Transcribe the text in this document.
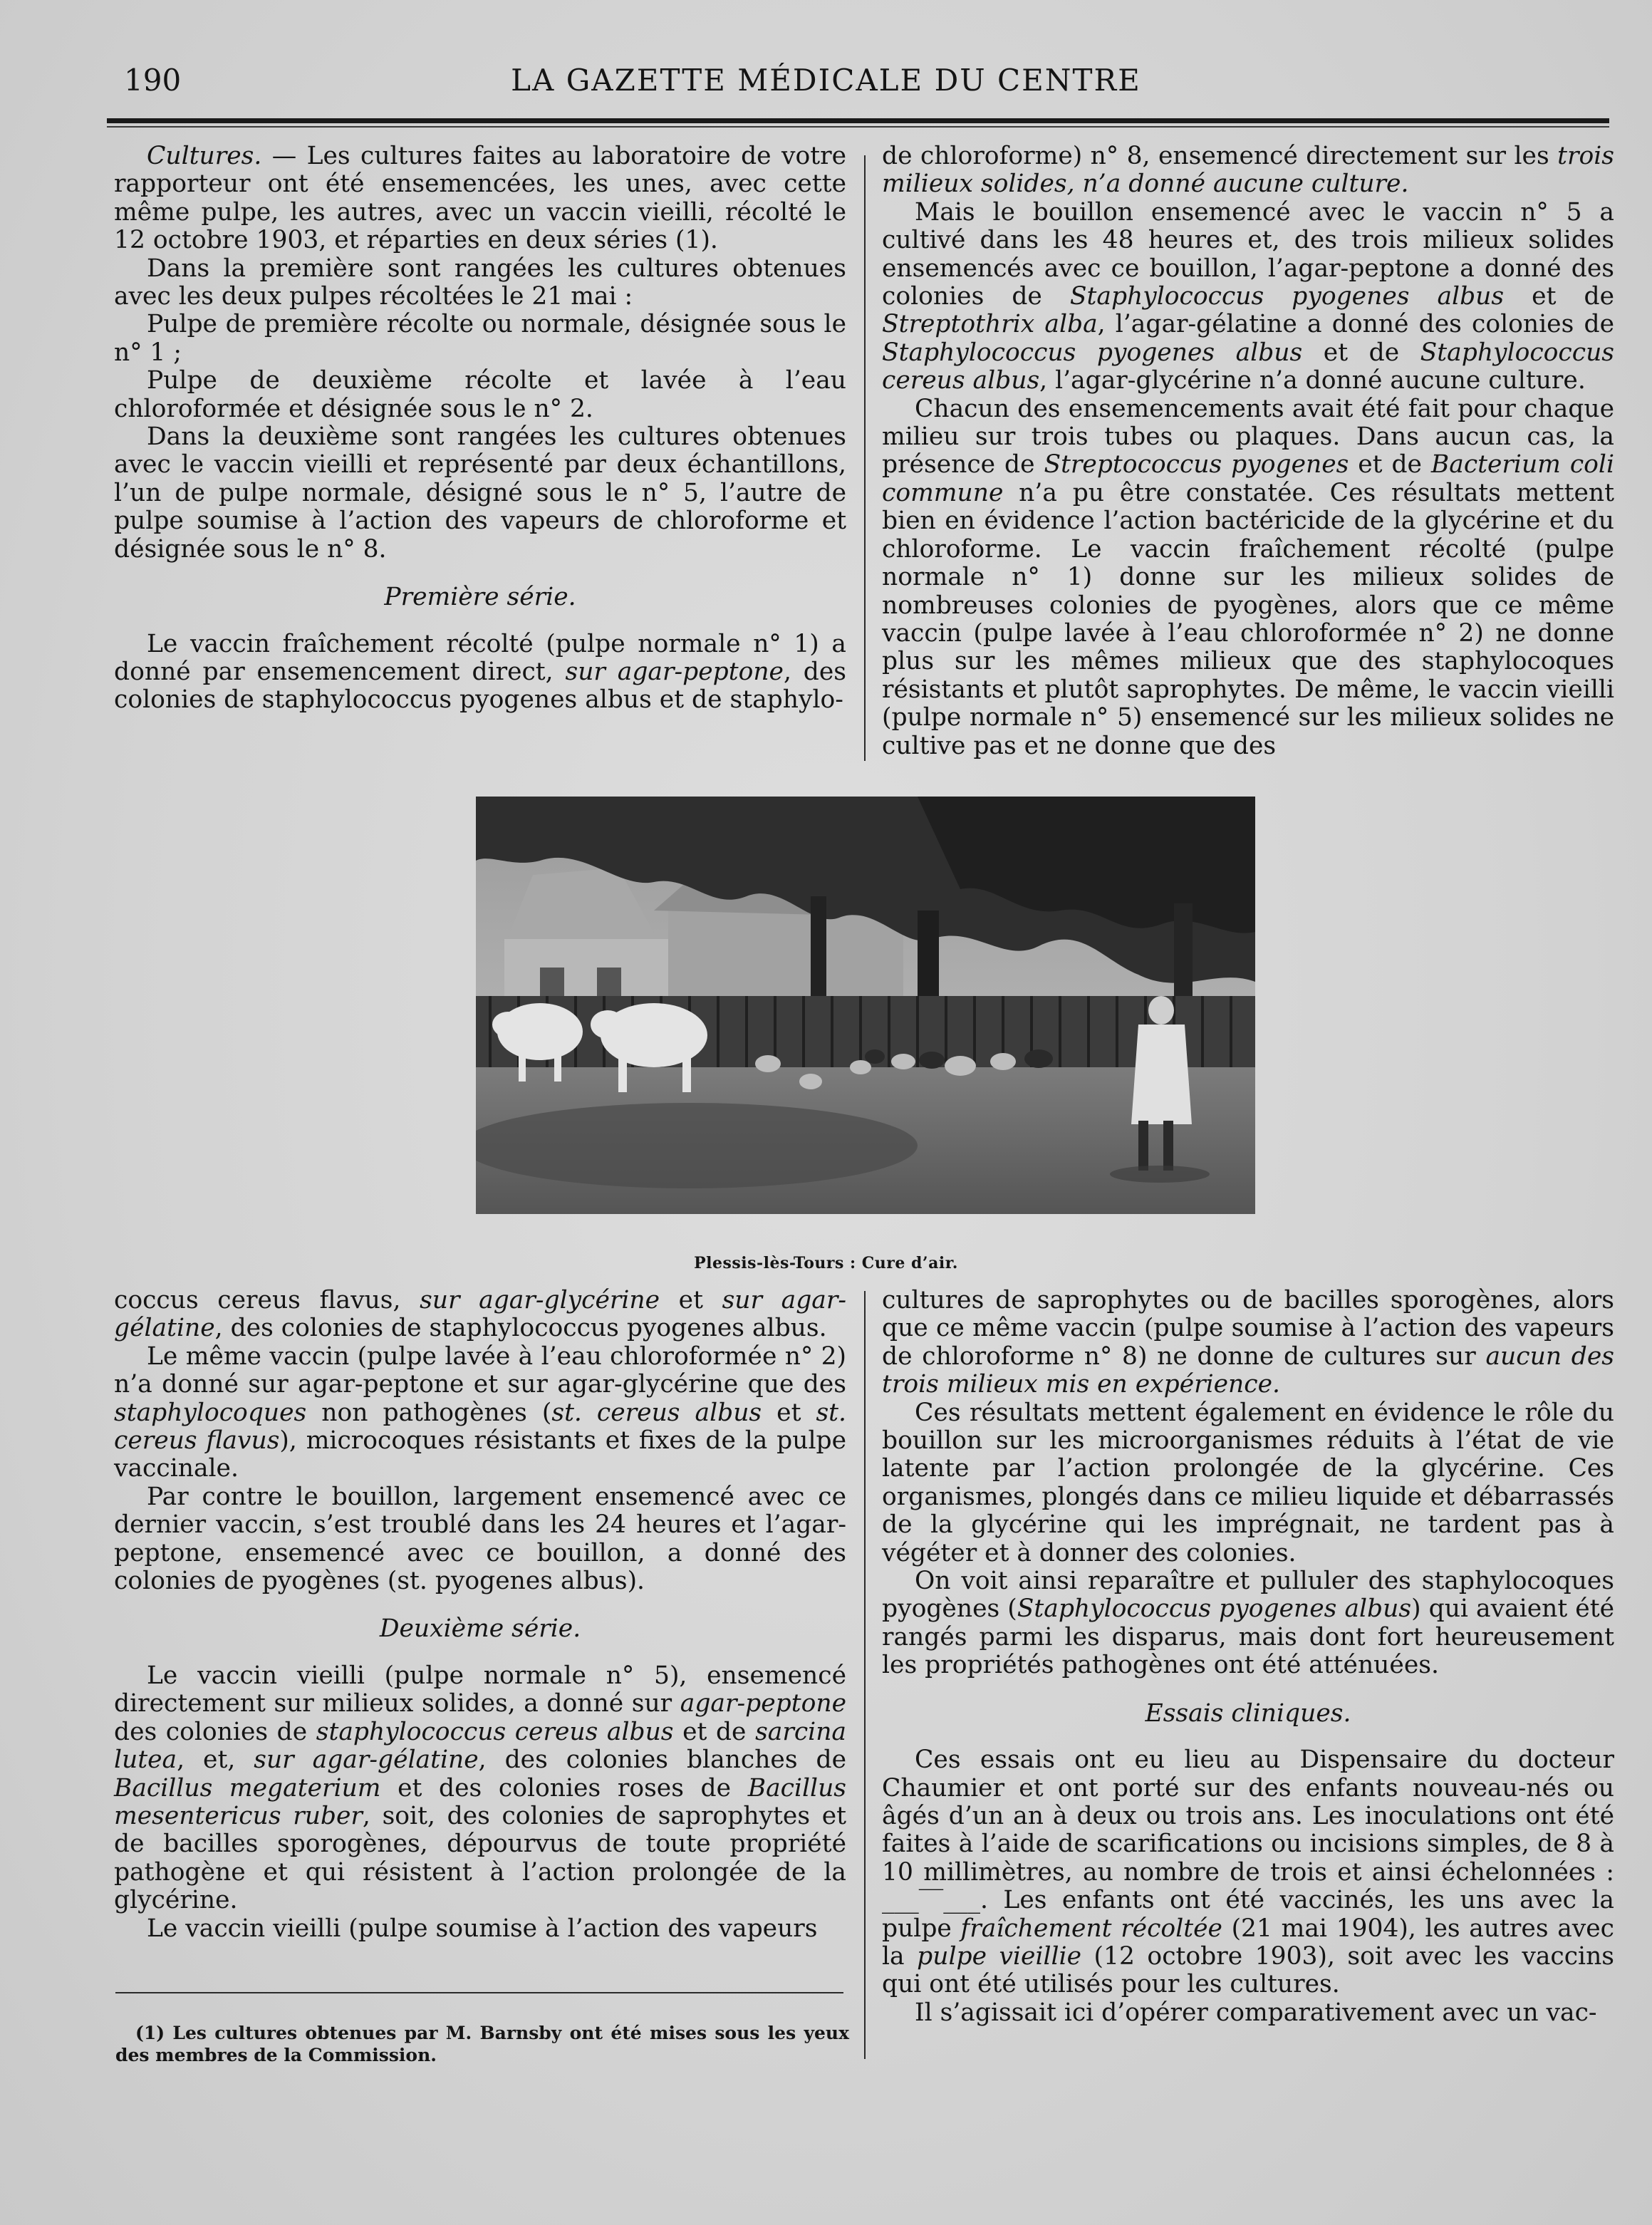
190	LA GAZETTE MÉDICALE DU CENTRE

Cultures. — Les cultures faites au laboratoire de votre rapporteur ont été ensemencées, les unes, avec cette même pulpe, les autres, avec un vaccin vieilli, récolté le 12 octobre 1903, et réparties en deux séries (1).

Dans la première sont rangées les cultures obtenues avec les deux pulpes récoltées le 21 mai :

Pulpe de première récolte ou normale, désignée sous le n° 1 ;

Pulpe de deuxième récolte et lavée à l’eau chloroformée et désignée sous le n° 2.

Dans la deuxième sont rangées les cultures obtenues avec le vaccin vieilli et représenté par deux échantillons, l’un de pulpe normale, désigné sous le n° 5, l’autre de pulpe soumise à l’action des vapeurs de chloroforme et désignée sous le n° 8.

Première série.

Le vaccin fraîchement récolté (pulpe normale n° 1) a donné par ensemencement direct, sur agar-peptone, des colonies de staphylococcus pyogenes albus et de staphylo-

de chloroforme) n° 8, ensemencé directement sur les trois milieux solides, n’a donné aucune culture.

Mais le bouillon ensemencé avec le vaccin n° 5 a cultivé dans les 48 heures et, des trois milieux solides ensemencés avec ce bouillon, l’agar-peptone a donné des colonies de Staphylococcus pyogenes albus et de Streptothrix alba, l’agar-gélatine a donné des colonies de Staphylococcus pyogenes albus et de Staphylococcus cereus albus, l’agar-glycérine n’a donné aucune culture.

Chacun des ensemencements avait été fait pour chaque milieu sur trois tubes ou plaques. Dans aucun cas, la présence de Streptococcus pyogenes et de Bacterium coli commune n’a pu être constatée. Ces résultats mettent bien en évidence l’action bactéricide de la glycérine et du chloroforme. Le vaccin fraîchement récolté (pulpe normale n° 1) donne sur les milieux solides de nombreuses colonies de pyogènes, alors que ce même vaccin (pulpe lavée à l’eau chloroformée n° 2) ne donne plus sur les mêmes milieux que des staphylocoques résistants et plutôt saprophytes. De même, le vaccin vieilli (pulpe normale n° 5) ensemencé sur les milieux solides ne cultive pas et ne donne que des

Plessis-lès-Tours : Cure d’air.

coccus cereus flavus, sur agar-glycérine et sur agar-gélatine, des colonies de staphylococcus pyogenes albus.

Le même vaccin (pulpe lavée à l’eau chloroformée n° 2) n’a donné sur agar-peptone et sur agar-glycérine que des staphylocoques non pathogènes (st. cereus albus et st. cereus flavus), microcoques résistants et fixes de la pulpe vaccinale.

Par contre le bouillon, largement ensemencé avec ce dernier vaccin, s’est troublé dans les 24 heures et l’agar-peptone, ensemencé avec ce bouillon, a donné des colonies de pyogènes (st. pyogenes albus).

Deuxième série.

Le vaccin vieilli (pulpe normale n° 5), ensemencé directement sur milieux solides, a donné sur agar-peptone des colonies de staphylococcus cereus albus et de sarcina lutea, et, sur agar-gélatine, des colonies blanches de Bacillus megaterium et des colonies roses de Bacillus mesentericus ruber, soit, des colonies de saprophytes et de bacilles sporogènes, dépourvus de toute propriété pathogène et qui résistent à l’action prolongée de la glycérine.

Le vaccin vieilli (pulpe soumise à l’action des vapeurs

cultures de saprophytes ou de bacilles sporogènes, alors que ce même vaccin (pulpe soumise à l’action des vapeurs de chloroforme n° 8) ne donne de cultures sur aucun des trois milieux mis en expérience.

Ces résultats mettent également en évidence le rôle du bouillon sur les microorganismes réduits à l’état de vie latente par l’action prolongée de la glycérine. Ces organismes, plongés dans ce milieu liquide et débarrassés de la glycérine qui les imprégnait, ne tardent pas à végéter et à donner des colonies.

On voit ainsi reparaître et pulluler des staphylocoques pyogènes (Staphylococcus pyogenes albus) qui avaient été rangés parmi les disparus, mais dont fort heureusement les propriétés pathogènes ont été atténuées.

Essais cliniques.

Ces essais ont eu lieu au Dispensaire du docteur Chaumier et ont porté sur des enfants nouveau-nés ou âgés d’un an à deux ou trois ans. Les inoculations ont été faites à l’aide de scarifications ou incisions simples, de 8 à 10 millimètres, au nombre de trois et ainsi échelonnées : ___‾‾___. Les enfants ont été vaccinés, les uns avec la pulpe fraîchement récoltée (21 mai 1904), les autres avec la pulpe vieillie (12 octobre 1903), soit avec les vaccins qui ont été utilisés pour les cultures.

Il s’agissait ici d’opérer comparativement avec un vac-

(1) Les cultures obtenues par M. Barnsby ont été mises sous les yeux des membres de la Commission.
